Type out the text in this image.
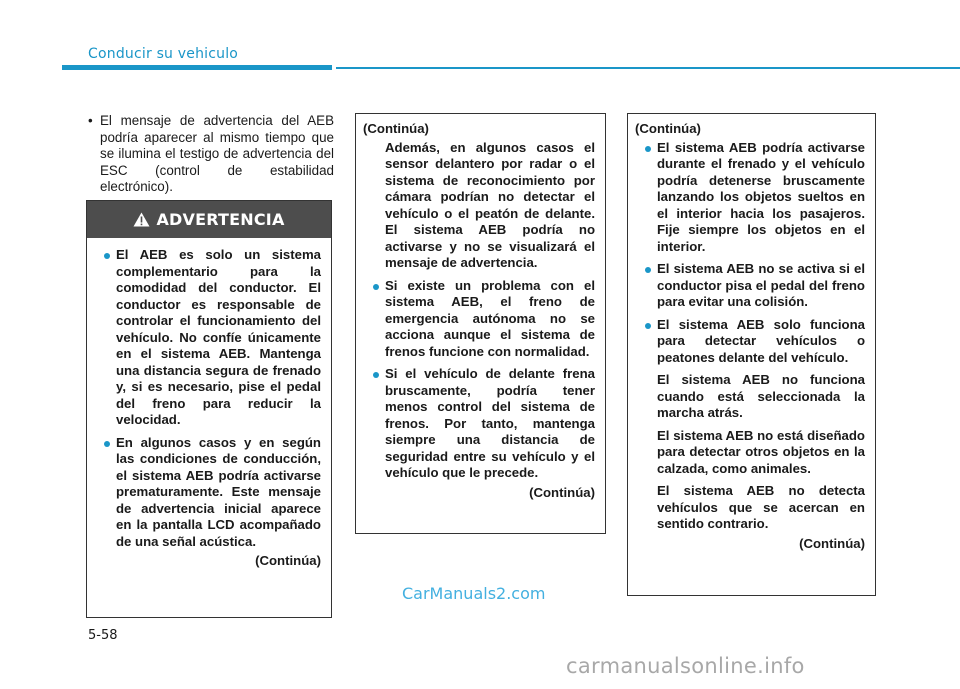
Conducir su vehiculo
• El mensaje de advertencia del AEB podría aparecer al mismo tiempo que se ilumina el testigo de advertencia del ESC (control de estabilidad electrónico).
ADVERTENCIA
El AEB es solo un sistema complementario para la comodidad del conductor. El conductor es responsable de controlar el funcionamiento del vehículo. No confíe únicamente en el sistema AEB. Mantenga una distancia segura de frenado y, si es necesario, pise el pedal del freno para reducir la velocidad.
En algunos casos y en según las condiciones de conducción, el sistema AEB podría activarse prematuramente. Este mensaje de advertencia inicial aparece en la pantalla LCD acompañado de una señal acústica.

(Continúa)

(Continúa)

Además, en algunos casos el sensor delantero por radar o el sistema de reconocimiento por cámara podrían no detectar el vehículo o el peatón de delante. El sistema AEB podría no activarse y no se visualizará el mensaje de advertencia.
Si existe un problema con el sistema AEB, el freno de emergencia autónoma no se acciona aunque el sistema de frenos funcione con normalidad.
Si el vehículo de delante frena bruscamente, podría tener menos control del sistema de frenos. Por tanto, mantenga siempre una distancia de seguridad entre su vehículo y el vehículo que le precede.

(Continúa)

(Continúa)

El sistema AEB podría activarse durante el frenado y el vehículo podría detenerse bruscamente lanzando los objetos sueltos en el interior hacia los pasajeros. Fije siempre los objetos en el interior.
El sistema AEB no se activa si el conductor pisa el pedal del freno para evitar una colisión.
El sistema AEB solo funciona para detectar vehículos o peatones delante del vehículo.
El sistema AEB no funciona cuando está seleccionada la marcha atrás.
El sistema AEB no está diseñado para detectar otros objetos en la calzada, como animales.
El sistema AEB no detecta vehículos que se acercan en sentido contrario.

(Continúa)

CarManuals2.com
5-58
carmanualsonline.info
